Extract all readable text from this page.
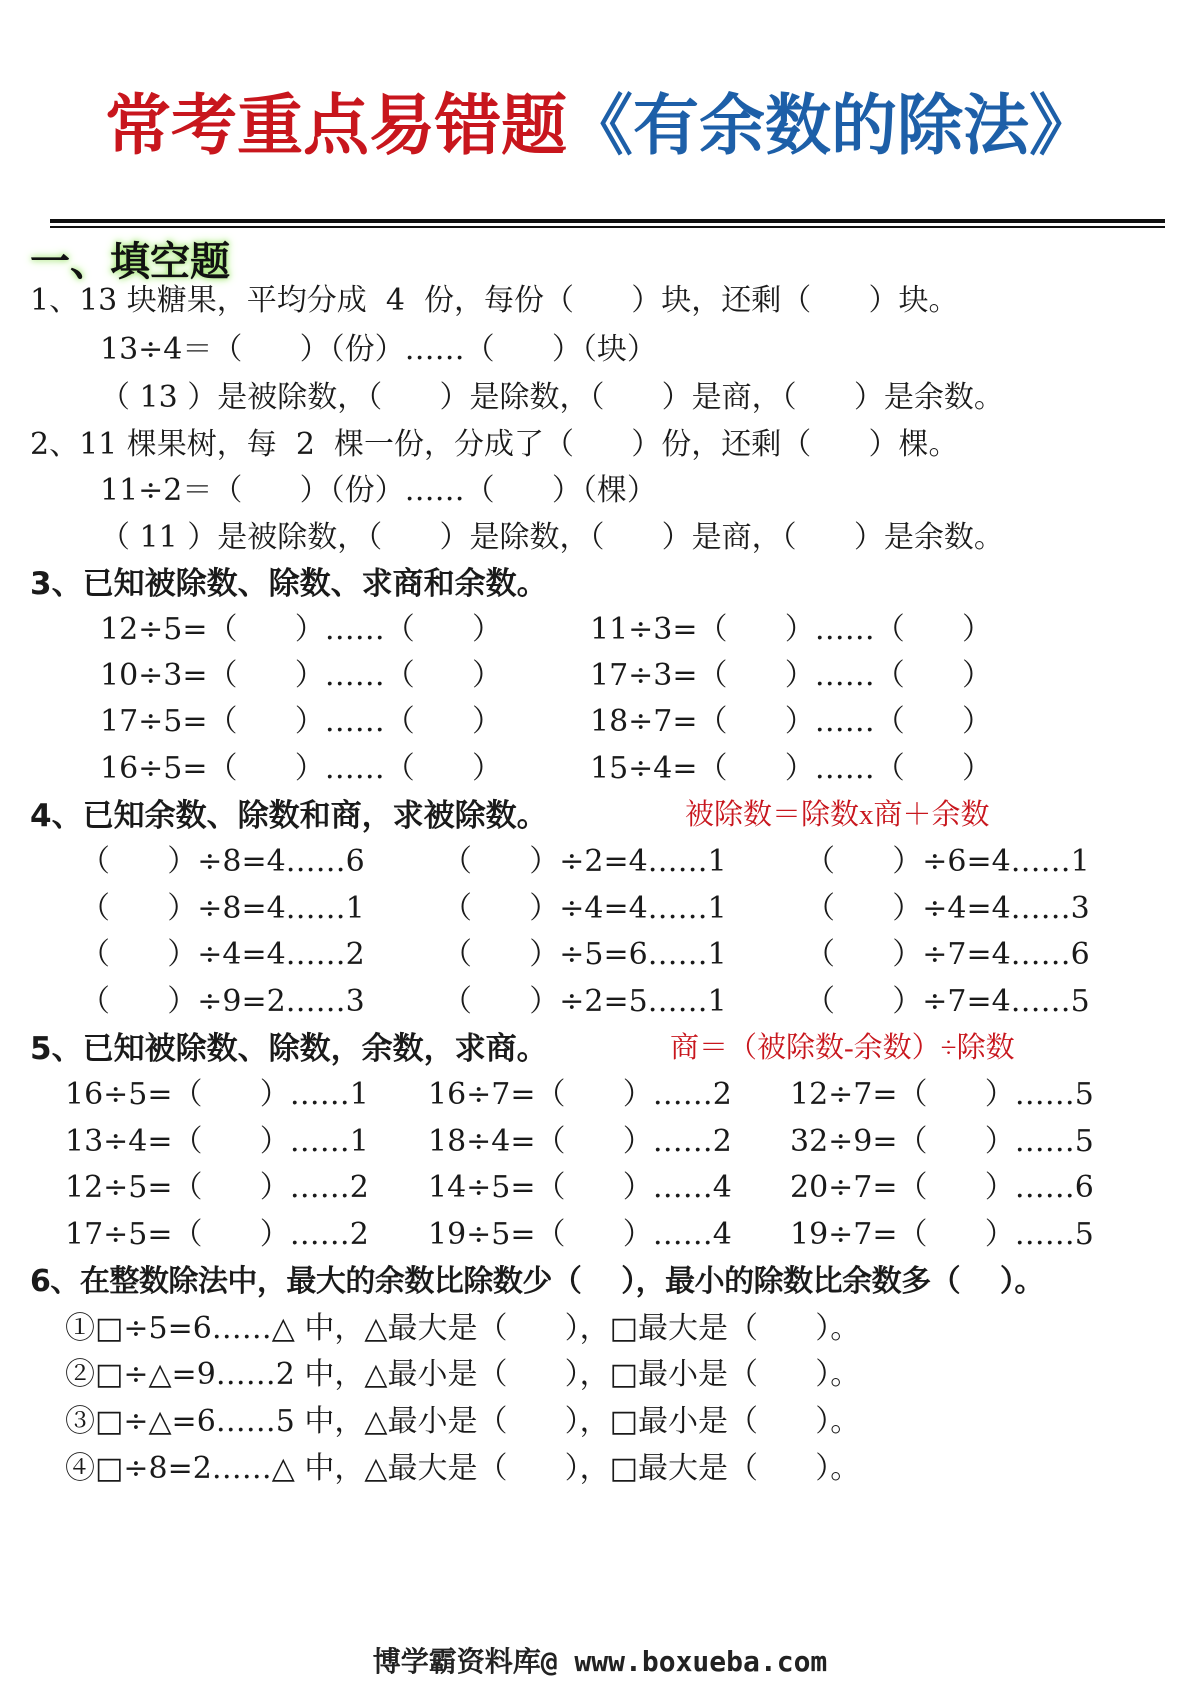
常考重点易错题《有余数的除法》
一、填空题
1、13 块糖果，平均分成  4  份，每份（      ）块，还剩（      ）块。
13÷4＝（      ）（份）……（      ）（块）
（ 13 ）是被除数，（      ）是除数，（      ）是商，（      ）是余数。
2、11 棵果树，每  2  棵一份，分成了（      ）份，还剩（      ）棵。
11÷2＝（      ）（份）……（      ）（棵）
（ 11 ）是被除数，（      ）是除数，（      ）是商，（      ）是余数。
3、已知被除数、除数、求商和余数。
12÷5=（      ）……（      ）
10÷3=（      ）……（      ）
17÷5=（      ）……（      ）
16÷5=（      ）……（      ）
11÷3=（      ）……（      ）
17÷3=（      ）……（      ）
18÷7=（      ）……（      ）
15÷4=（      ）……（      ）
4、已知余数、除数和商，求被除数。	被除数＝除数x商＋余数
（      ）÷8=4……6
（      ）÷8=4……1
（      ）÷4=4……2
（      ）÷9=2……3
（      ）÷2=4……1
（      ）÷4=4……1
（      ）÷5=6……1
（      ）÷2=5……1
（      ）÷6=4……1
（      ）÷4=4……3
（      ）÷7=4……6
（      ）÷7=4……5
5、已知被除数、除数，余数，求商。	商＝（被除数-余数）÷除数
16÷5=（      ）……1
13÷4=（      ）……1
12÷5=（      ）……2
17÷5=（      ）……2
16÷7=（      ）……2
18÷4=（      ）……2
14÷5=（      ）……4
19÷5=（      ）……4
12÷7=（      ）……5
32÷9=（      ）……5
20÷7=（      ）……6
19÷7=（      ）……5
6、在整数除法中，最大的余数比除数少（    ），最小的除数比余数多（    ）。
①□÷5=6……△ 中，△最大是（      ），□最大是（      ）。
②□÷△=9……2 中，△最小是（      ），□最小是（      ）。
③□÷△=6……5 中，△最小是（      ），□最小是（      ）。
④□÷8=2……△ 中，△最大是（      ），□最大是（      ）。
博学霸资料库@ www.boxueba.com
